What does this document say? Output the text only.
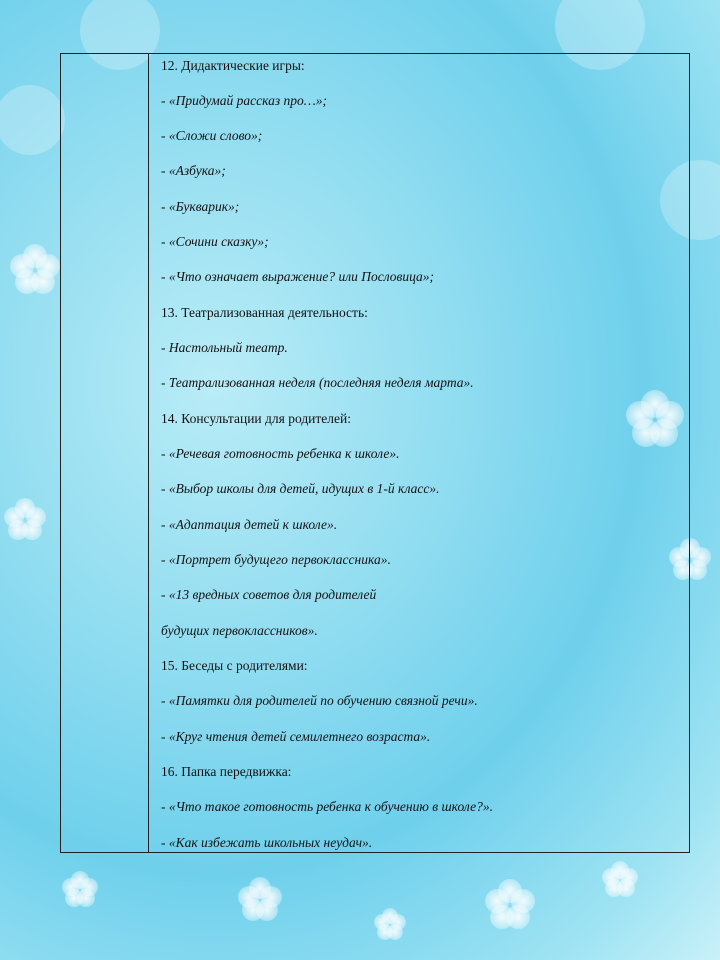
12. Дидактические игры:
- «Придумай рассказ про…»;
- «Сложи слово»;
- «Азбука»;
- «Букварик»;
- «Сочини сказку»;
- «Что означает выражение? или Пословица»;
13. Театрализованная деятельность:
- Настольный театр.
- Театрализованная неделя (последняя неделя марта».
14. Консультации для родителей:
- «Речевая готовность ребенка к школе».
- «Выбор школы для детей, идущих в 1-й класс».
- «Адаптация детей к школе».
- «Портрет будущего первоклассника».
- «13 вредных советов для родителей
будущих первоклассников».
15. Беседы с родителями:
- «Памятки для родителей по обучению связной речи».
- «Круг чтения детей семилетнего возраста».
16. Папка передвижка:
- «Что такое готовность ребенка к обучению в школе?».
- «Как избежать школьных неудач».
